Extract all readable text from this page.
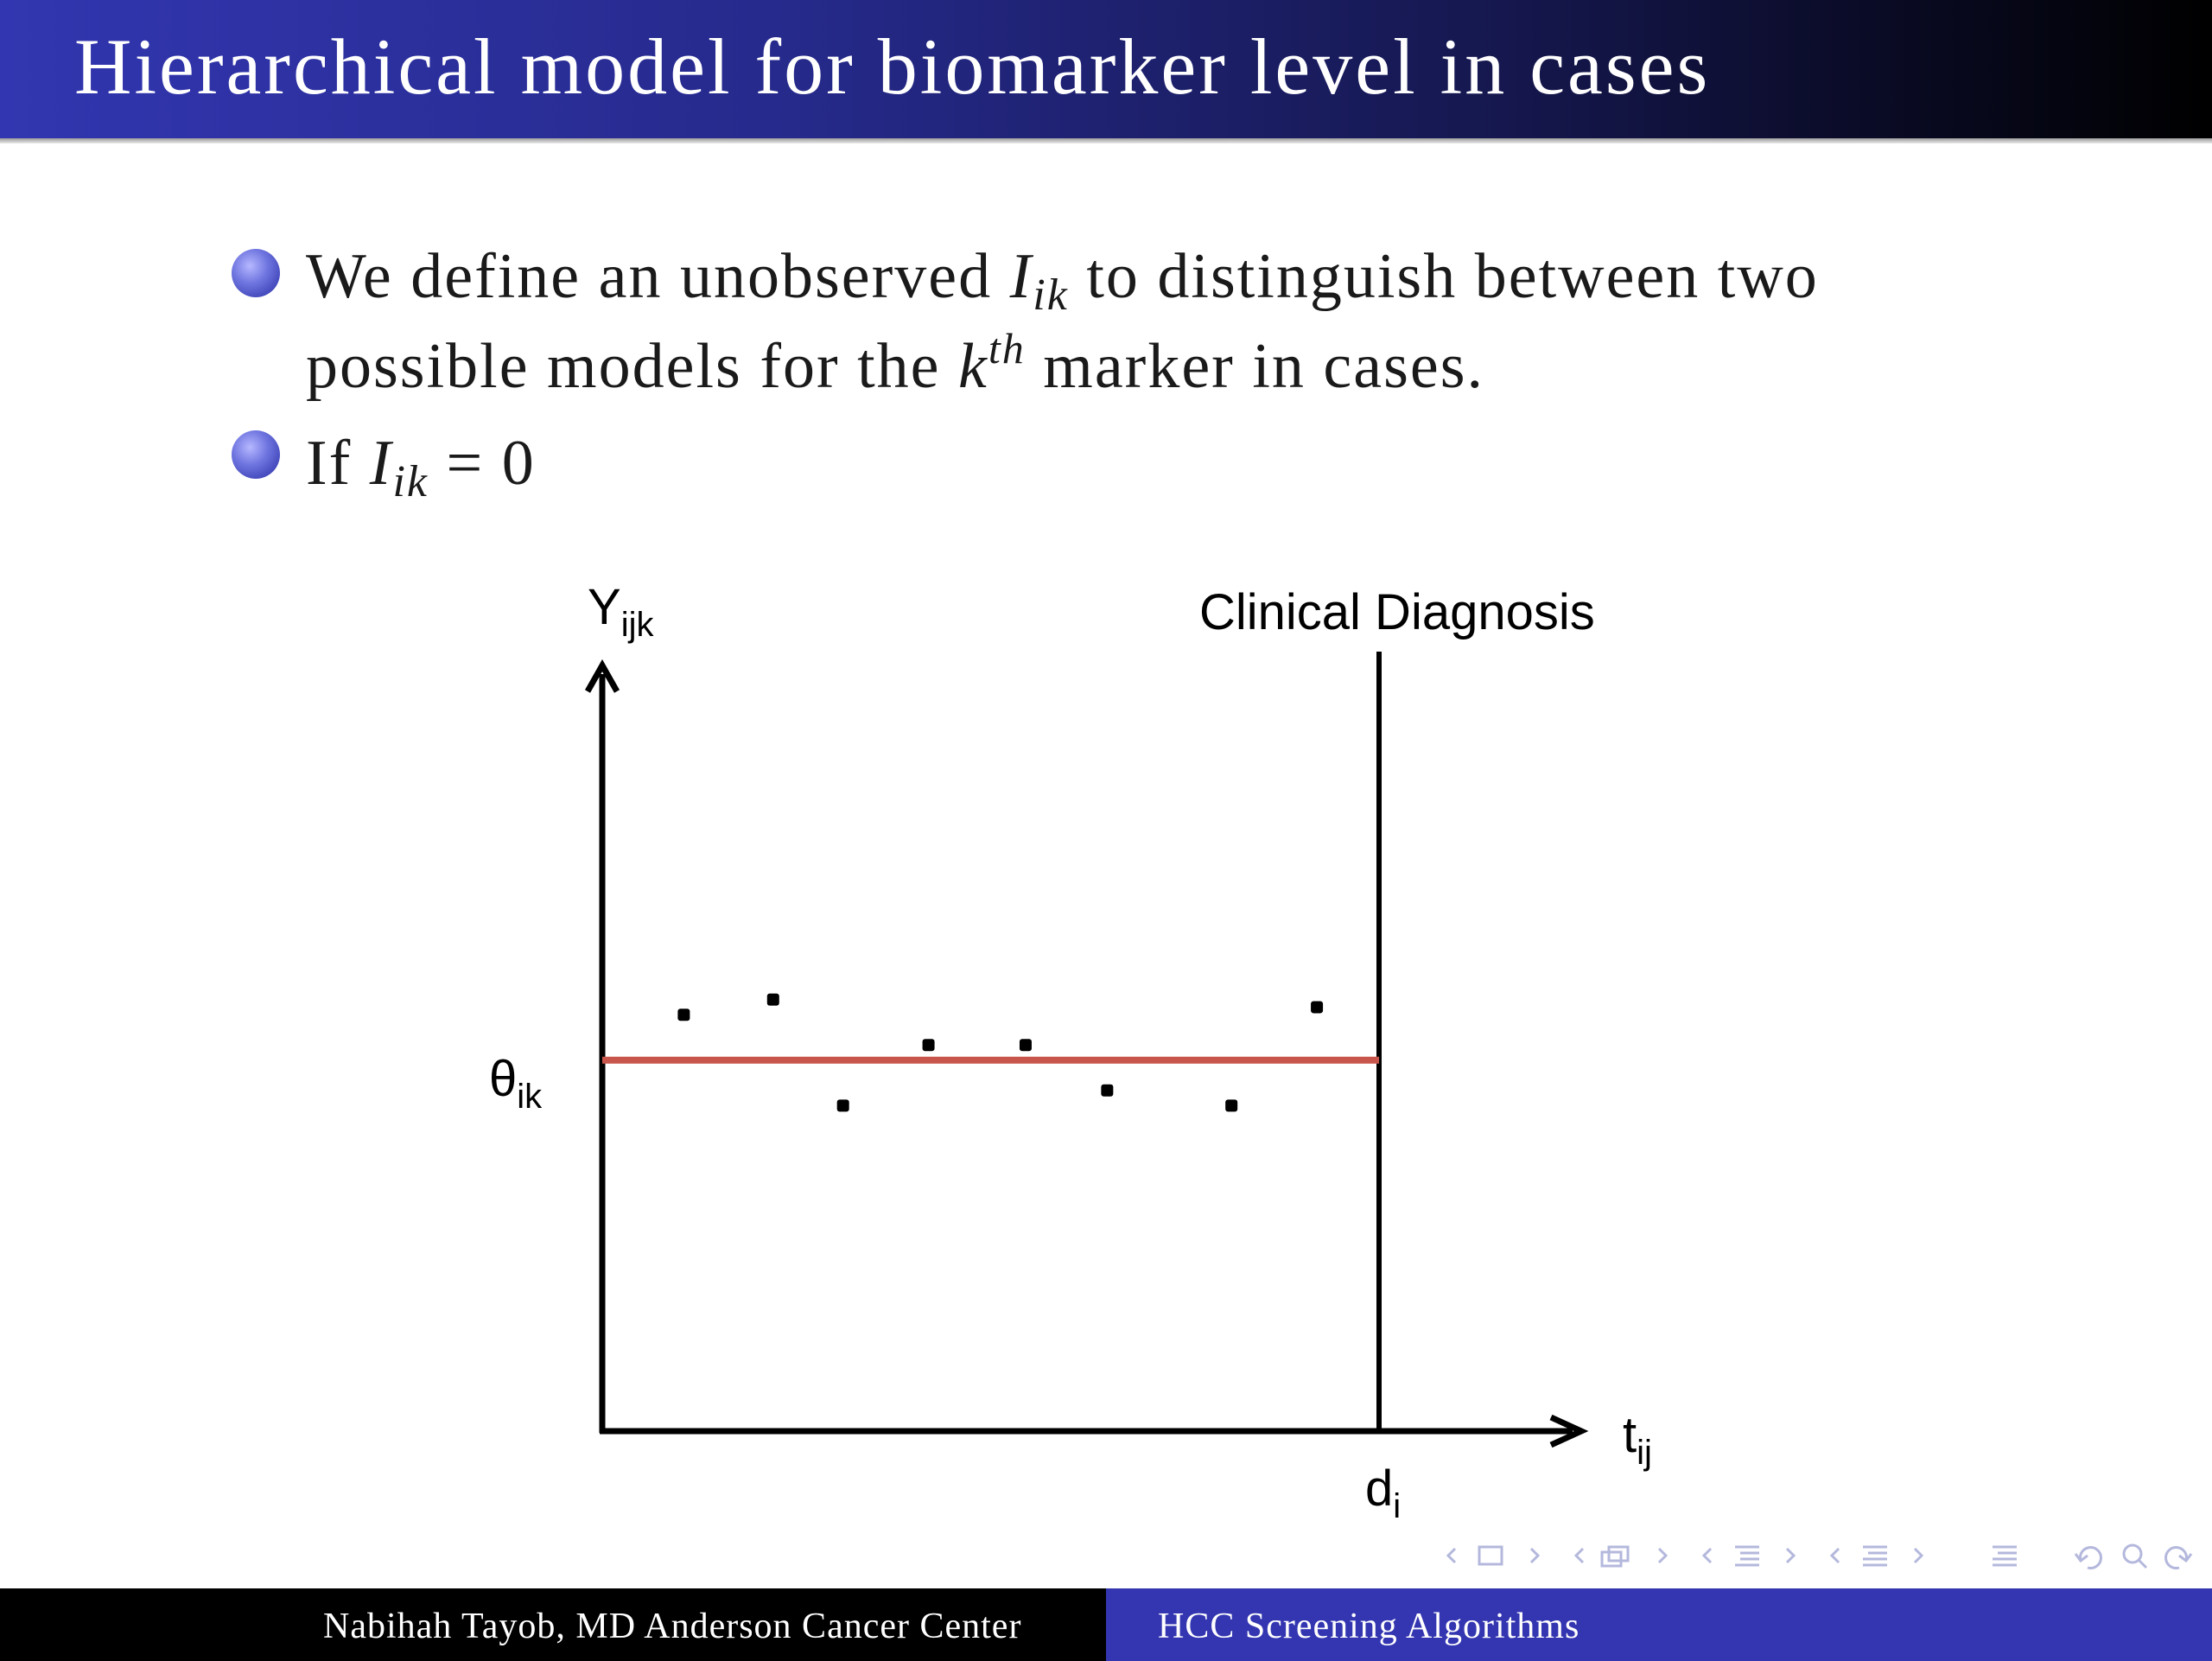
Hierarchical model for biomarker level in cases
We define an unobserved $I_{ik}$ to distinguish between two
possible models for the $k^{th}$ marker in cases.
If $I_{ik} = 0$
$Y_{ijk}$	Clinical Diagnosis
$\theta_{ik}$
$t_{ij}$
$d_i$
Nabihah Tayob, MD Anderson Cancer Center	HCC Screening Algorithms
